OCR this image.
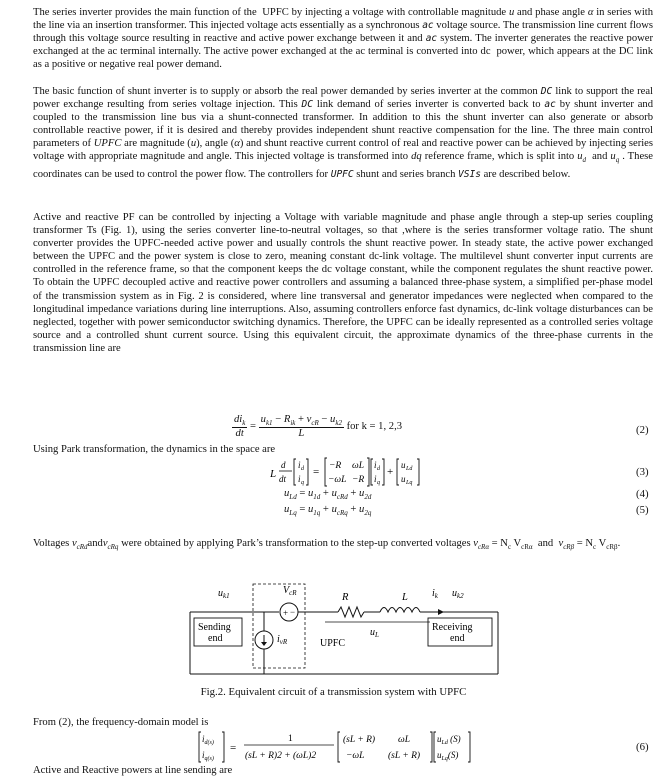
The series inverter provides the main function of the  UPFC by injecting a voltage with controllable magnitude u and phase angle α in series with the line via an insertion transformer. This injected voltage acts essentially as a synchronous ac voltage source. The transmission line current flows through this voltage source resulting in reactive and active power exchange between it and ac system. The inverter generates the reactive power exchanged at the ac terminal internally. The active power exchanged at the ac terminal is converted into dc  power, which appears at the DC link as a positive or negative real power demand.

The basic function of shunt inverter is to supply or absorb the real power demanded by series inverter at the common DC link to support the real power exchange resulting from series voltage injection. This DC link demand of series inverter is converted back to ac by shunt inverter and coupled to the transmission line bus via a shunt-connected transformer. In addition to this the shunt inverter can also generate or absorb controllable reactive power, if it is desired and thereby provides independent shunt reactive compensation for the line. The three main control parameters of UPFC are magnitude (u), angle (α) and shunt reactive current control of real and reactive power can be achieved by injecting series voltage with appropriate magnitude and angle. This injected voltage is transformed into dq reference frame, which is split into $u_d$  and $u_q$ . These coordinates can be used to control the power flow. The controllers for UPFC shunt and series branch VSIs are described below.

Active and reactive PF can be controlled by injecting a Voltage with variable magnitude and phase angle through a step-up series coupling transformer Ts (Fig. 1), using the series converter line-to-neutral voltages, so that ,where is the series transformer voltage ratio. The shunt converter provides the UPFC-needed active power and usually controls the shunt reactive power. In steady state, the active power exchanged between the UPFC and the power system is close to zero, meaning constant dc-link voltage. The multilevel shunt converter input currents are controlled in the reference frame, so that the component keeps the dc voltage constant, while the component regulates the shunt reactive power. To obtain the UPFC decoupled active and reactive power controllers and assuming a balanced three-phase system, a simplified per-phase model of the transmission system as in Fig. 2 is considered, where line transversal and generator impedances were neglected when compared to the longitudinal impedance variations during line interruptions. Also, assuming controllers enforce fast dynamics, dc-link voltage disturbances can be neglected, together with power semiconductor switching dynamics. Therefore, the UPFC can be ideally represented as a controlled series voltage source and a controlled shunt current source. Using this equivalent circuit, the approximate dynamics of the three-phase currents in the transmission line are

$\frac{di_k}{dt} = \frac{u_{k1} - R_{ik} + v_{cR} - u_{k2}}{L}$ for k = 1, 2,3	(2)
Using Park transformation, the dynamics in the space are
L
d
dt
i d
i q
= −R ωL
−ωL −R
i d
i q
+
u Ld
u Lq
(3)
$u_{Ld} = u_{1d} + u_{cRd} + u_{2d}$	(4)
$u_{Lq} = u_{1q} + u_{cRq} + u_{2q}$	(5)

Voltages $v_{cRd}andv_{cRq}$ were obtained by applying Park’s transformation to the step-up converted voltages $v_{cR\alpha} = N_c$ $V_{cR\alpha}$  and  $v_{cR\beta} = N_c$ $V_{cR\beta}$.

$u_{k1}$	$V_{cR}$	R	L $i_k$ $u_{k2}$
+ −
$i_{vR}$
Sending
end
Receiving
end
$u_L$
UPFC
Fig.2. Equivalent circuit of a transmission system with UPFC
From (2), the frequency-domain model is
$i_{d(s)}$
$i_{q(s)}$
=
1
(sL + R)2 + (ωL)2
(sL + R) ωL
−ωL (sL + R)
$u_{Ld}$ (S)
$u_{Lq}(S)$
(6)
Active and Reactive powers at line sending are
